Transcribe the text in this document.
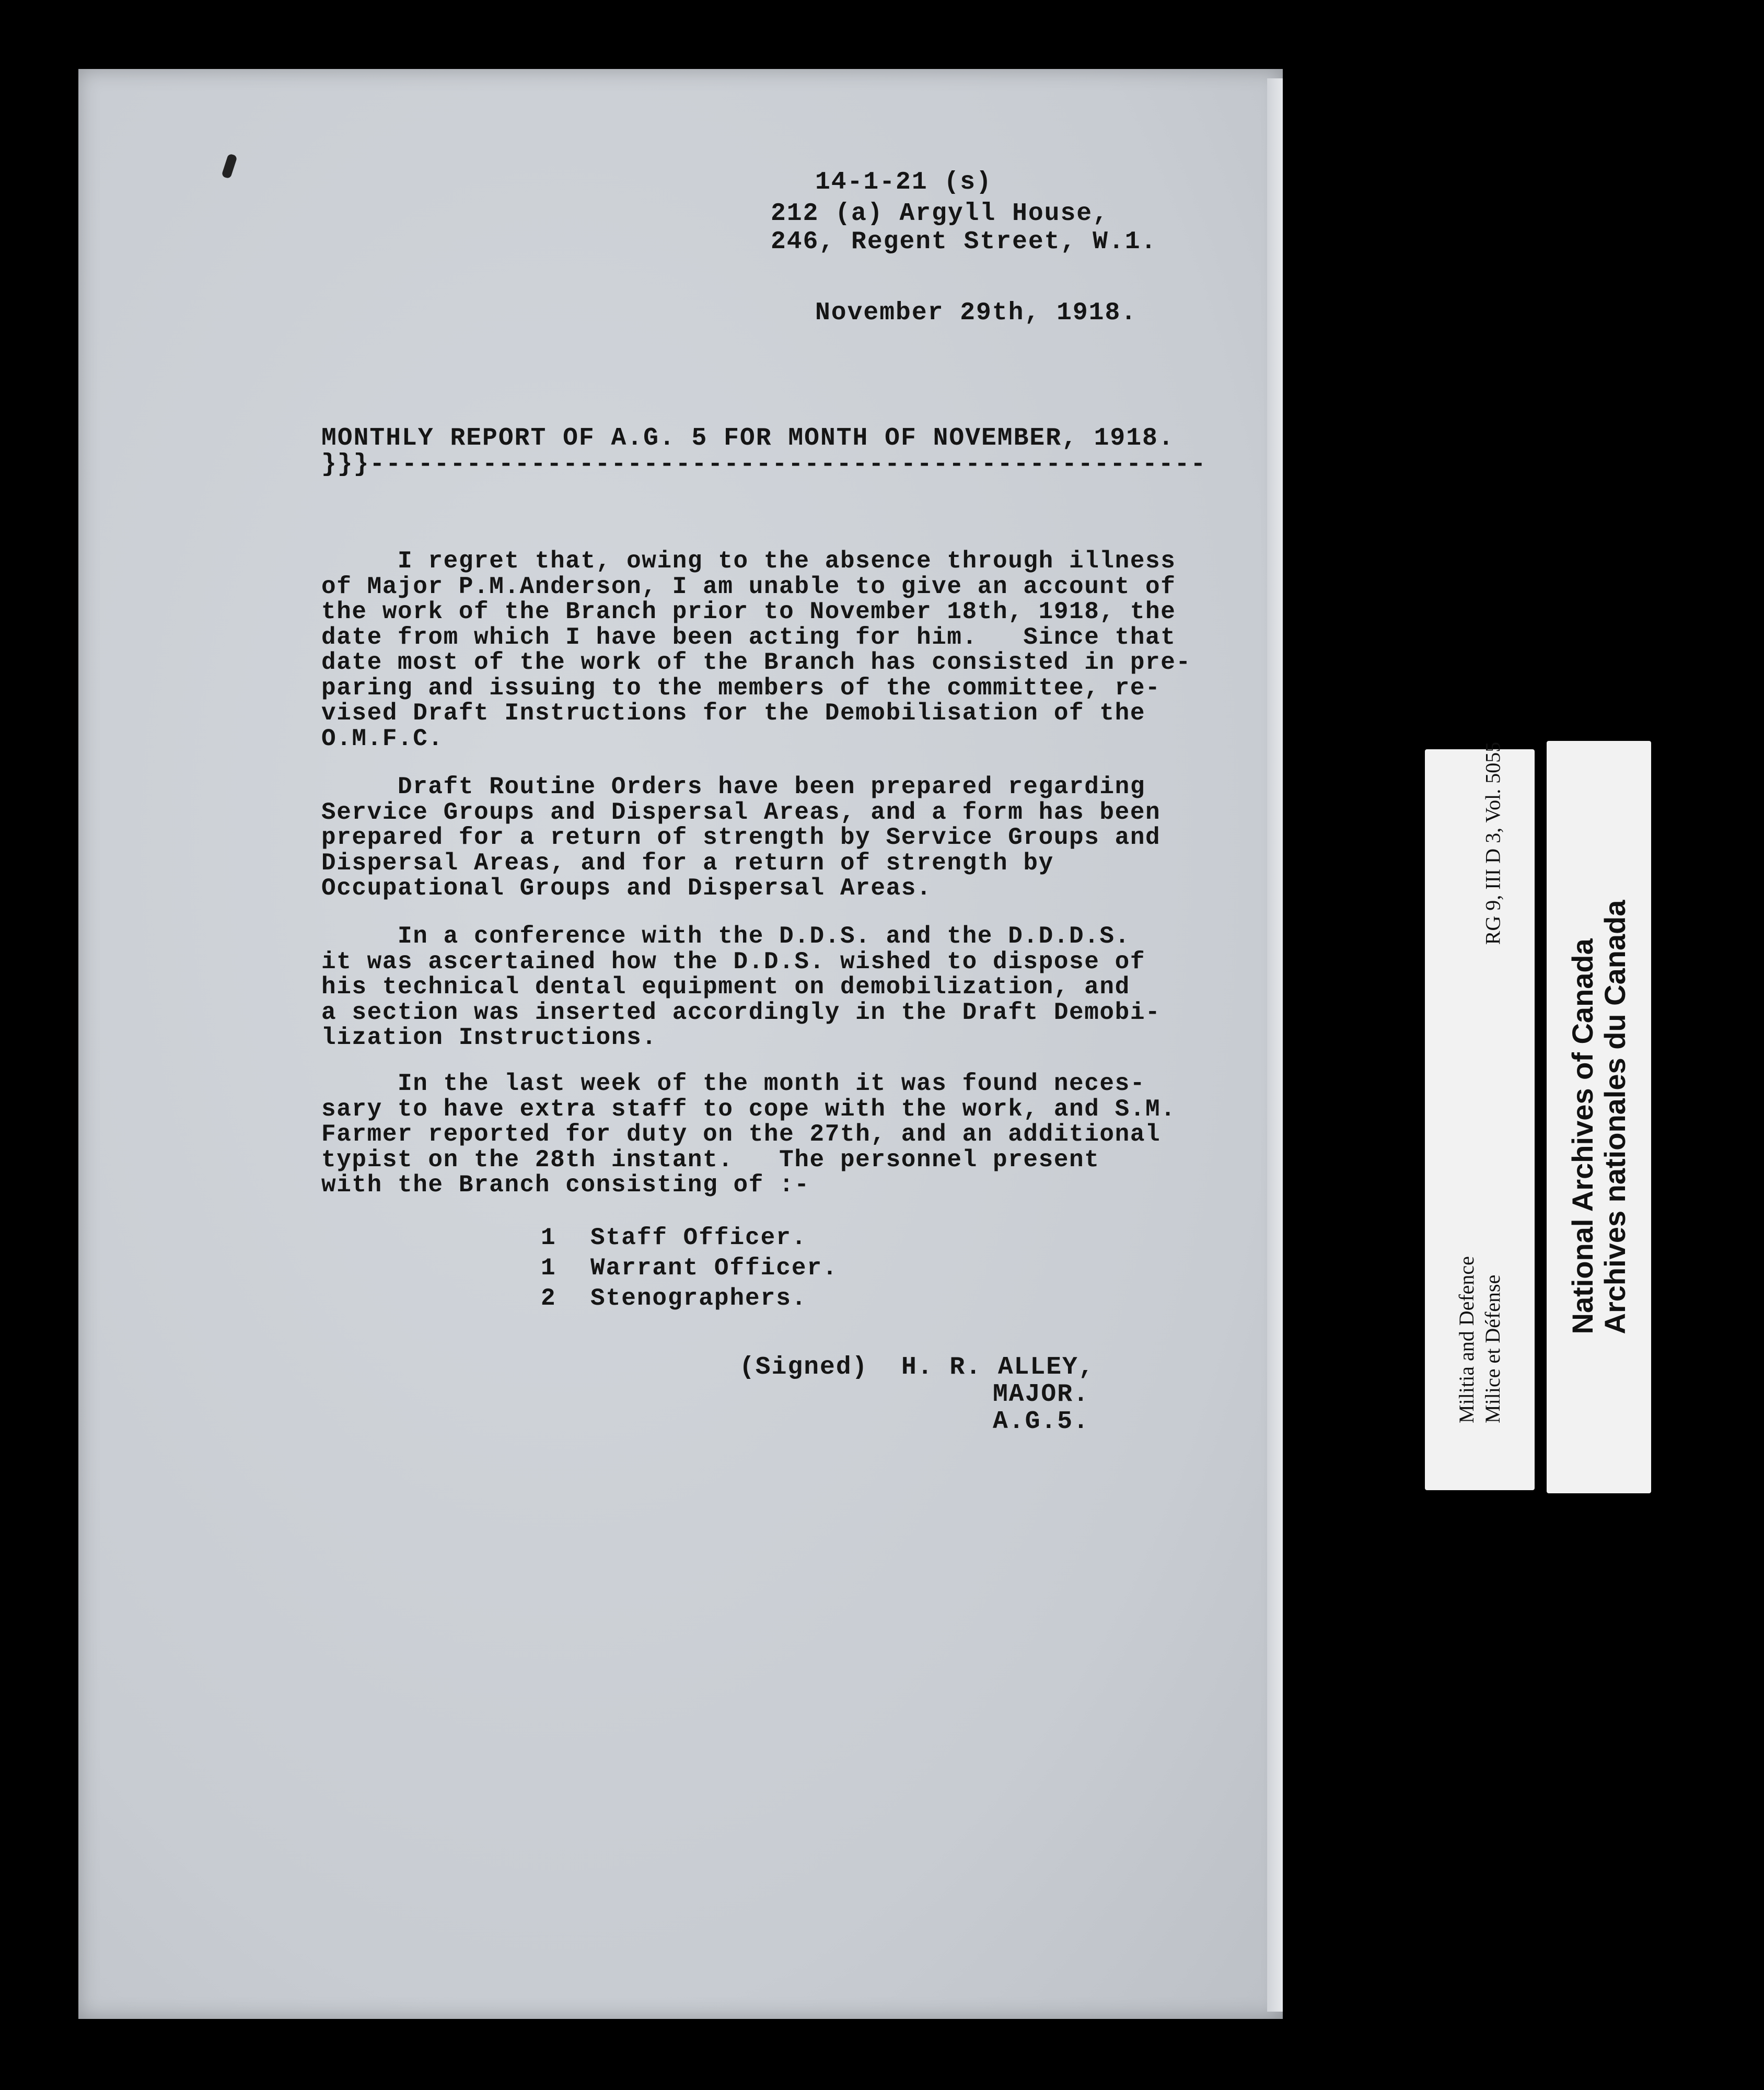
14-1-21 (s)
212 (a) Argyll House,
246, Regent Street, W.1.
November 29th, 1918.
MONTHLY REPORT OF A.G. 5 FOR MONTH OF NOVEMBER, 1918.
}}}----------------------------------------------------
I regret that, owing to the absence through illness
of Major P.M.Anderson, I am unable to give an account of
the work of the Branch prior to November 18th, 1918, the
date from which I have been acting for him.   Since that
date most of the work of the Branch has consisted in pre-
paring and issuing to the members of the committee, re-
vised Draft Instructions for the Demobilisation of the
O.M.F.C.
Draft Routine Orders have been prepared regarding
Service Groups and Dispersal Areas, and a form has been
prepared for a return of strength by Service Groups and
Dispersal Areas, and for a return of strength by
Occupational Groups and Dispersal Areas.
In a conference with the D.D.S. and the D.D.D.S.
it was ascertained how the D.D.S. wished to dispose of
his technical dental equipment on demobilization, and
a section was inserted accordingly in the Draft Demobi-
lization Instructions.
In the last week of the month it was found neces-
sary to have extra staff to cope with the work, and S.M.
Farmer reported for duty on the 27th, and an additional
typist on the 28th instant.   The personnel present
with the Branch consisting of :-
1	Staff Officer.
1	Warrant Officer.
2	Stenographers.
(Signed) H. R. ALLEY,
MAJOR.
A.G.5.	Militia and Defence Milice et Défense
RG 9, III D 3, Vol. 5055
National Archives of Canada Archives nationales du Canada
